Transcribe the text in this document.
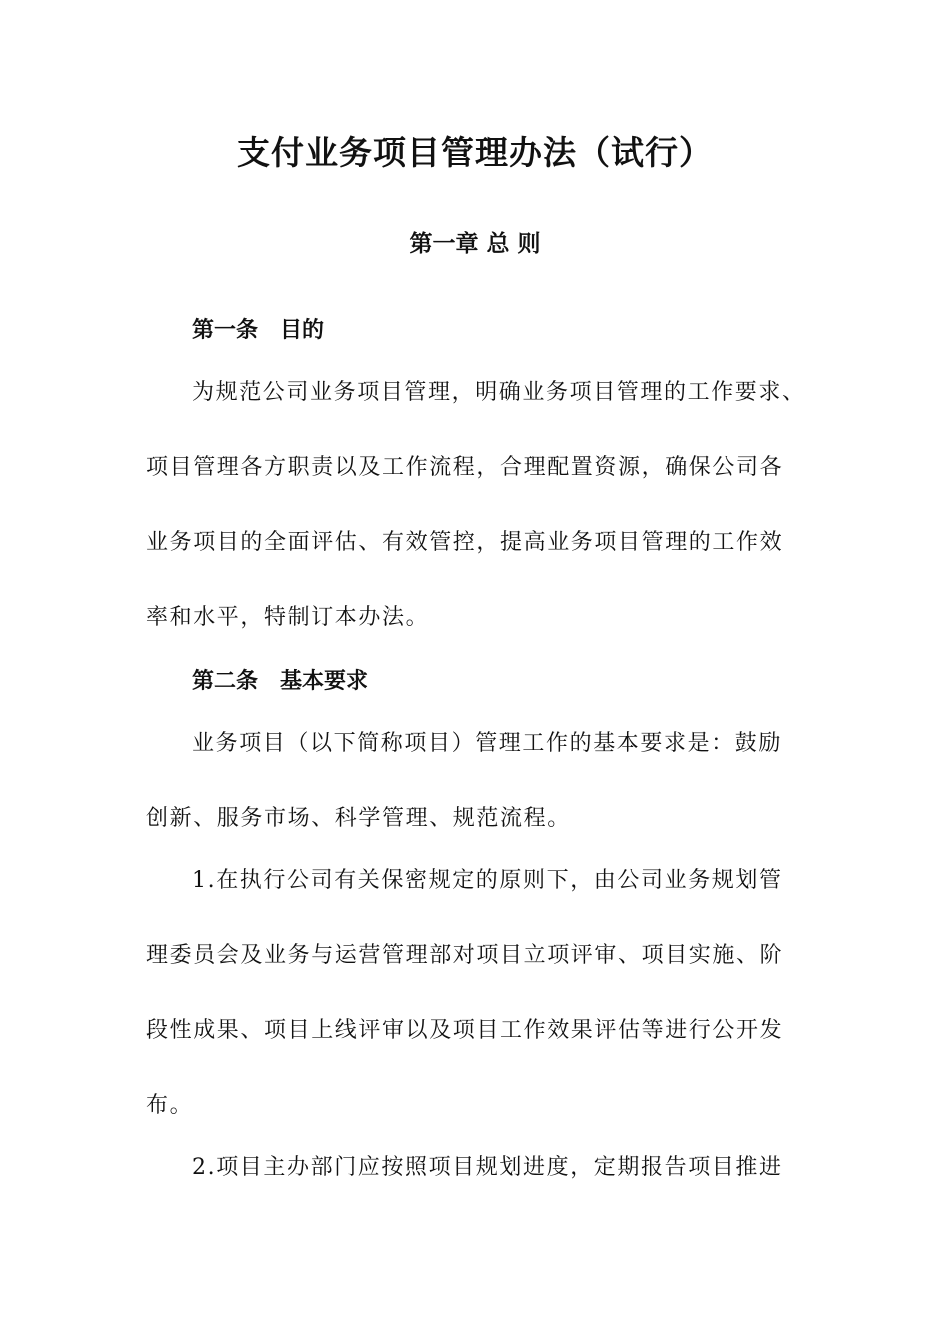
支付业务项目管理办法（试行）
第一章 总 则
第一条　目的
为规范公司业务项目管理，明确业务项目管理的工作要求、
项目管理各方职责以及工作流程，合理配置资源，确保公司各
业务项目的全面评估、有效管控，提高业务项目管理的工作效
率和水平，特制订本办法。
第二条　基本要求
业务项目（以下简称项目）管理工作的基本要求是：鼓励
创新、服务市场、科学管理、规范流程。
1.在执行公司有关保密规定的原则下，由公司业务规划管
理委员会及业务与运营管理部对项目立项评审、项目实施、阶
段性成果、项目上线评审以及项目工作效果评估等进行公开发
布。
2.项目主办部门应按照项目规划进度，定期报告项目推进
